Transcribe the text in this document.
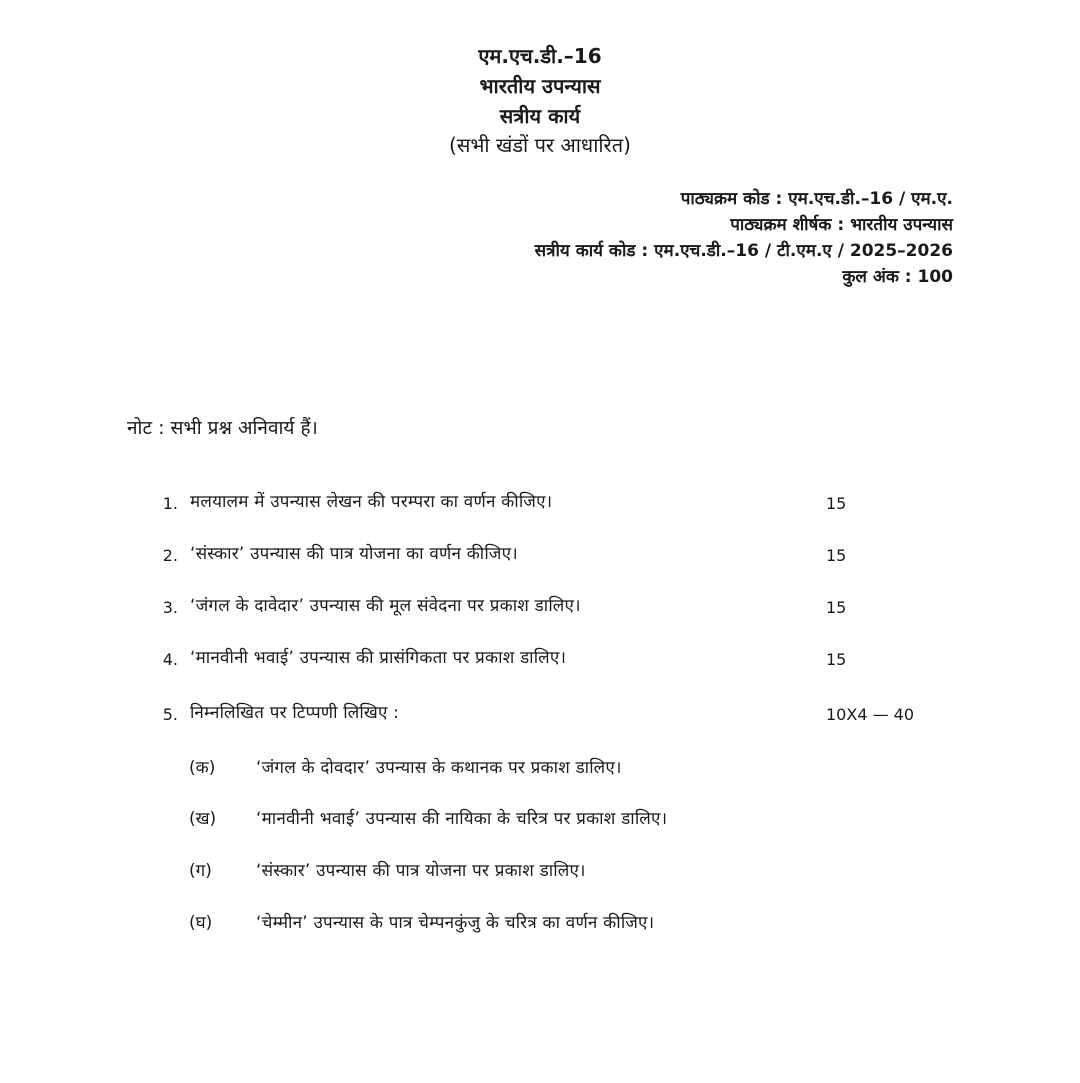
एम.एच.डी.–16
भारतीय उपन्यास
सत्रीय कार्य
(सभी खंडों पर आधारित)
पाठ्यक्रम कोड : एम.एच.डी.–16 / एम.ए.
पाठ्यक्रम शीर्षक : भारतीय उपन्यास
सत्रीय कार्य कोड : एम.एच.डी.–16 / टी.एम.ए / 2025–2026
कुल अंक : 100
नोट : सभी प्रश्न अनिवार्य हैं।
1. मलयालम में उपन्यास लेखन की परम्परा का वर्णन कीजिए।	15
2. ‘संस्कार’ उपन्यास की पात्र योजना का वर्णन कीजिए।	15
3. ‘जंगल के दावेदार’ उपन्यास की मूल संवेदना पर प्रकाश डालिए।	15
4. ‘मानवीनी भवाई’ उपन्यास की प्रासंगिकता पर प्रकाश डालिए।	15
5. निम्नलिखित पर टिप्पणी लिखिए :	10X4 — 40
(क) ‘जंगल के दोवदार’ उपन्यास के कथानक पर प्रकाश डालिए।
(ख) ‘मानवीनी भवाई’ उपन्यास की नायिका के चरित्र पर प्रकाश डालिए।
(ग)	‘संस्कार’ उपन्यास की पात्र योजना पर प्रकाश डालिए।
(घ)	‘चेम्मीन’ उपन्यास के पात्र चेम्पनकुंजु के चरित्र का वर्णन कीजिए।
